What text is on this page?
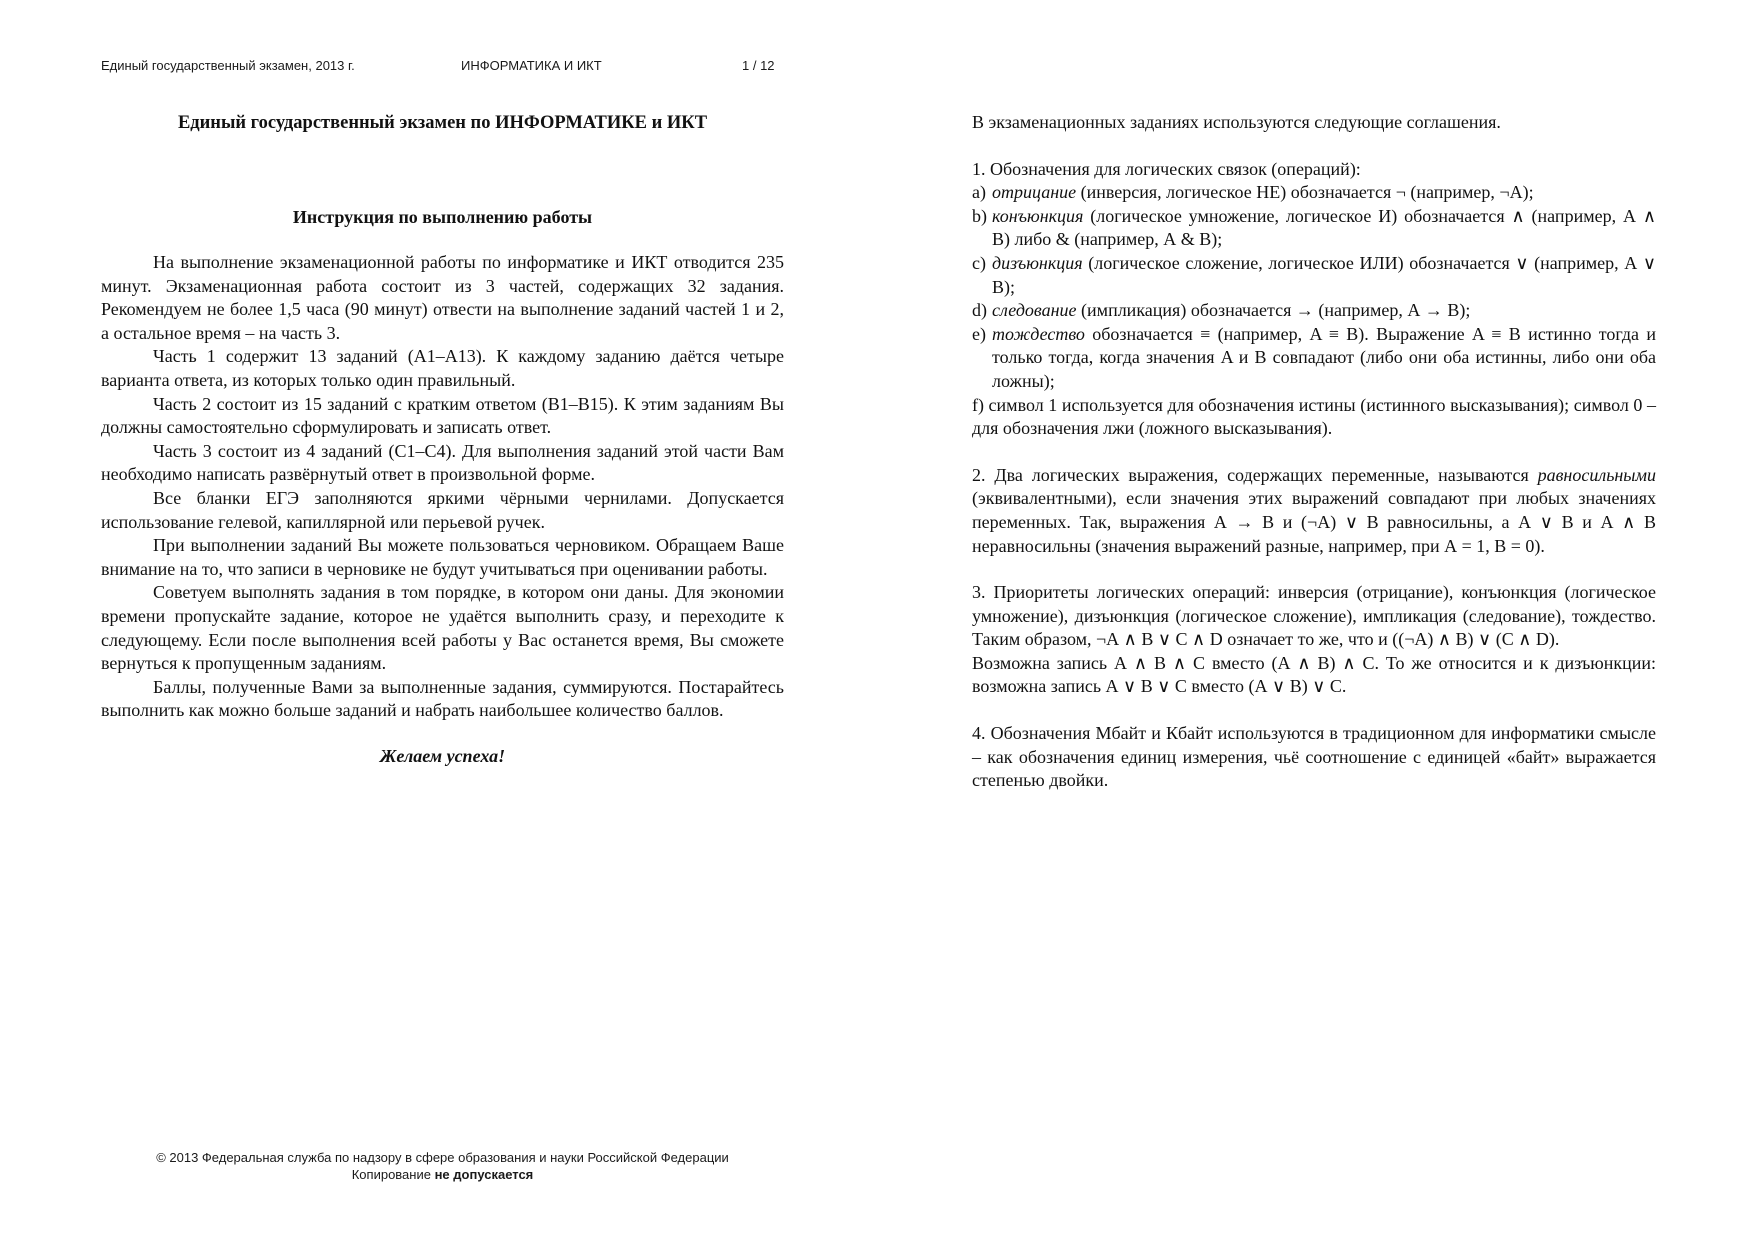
Единый государственный экзамен, 2013 г.	ИНФОРМАТИКА И ИКТ	1 / 12

Единый государственный экзамен по ИНФОРМАТИКЕ и ИКТ

Инструкция по выполнению работы

На выполнение экзаменационной работы по информатике и ИКТ отводится 235 минут. Экзаменационная работа состоит из 3 частей, содержащих 32 задания. Рекомендуем не более 1,5 часа (90 минут) отвести на выполнение заданий частей 1 и 2, а остальное время – на часть 3.

Часть 1 содержит 13 заданий (А1–А13). К каждому заданию даётся четыре варианта ответа, из которых только один правильный.

Часть 2 состоит из 15 заданий с кратким ответом (В1–В15). К этим заданиям Вы должны самостоятельно сформулировать и записать ответ.

Часть 3 состоит из 4 заданий (С1–С4). Для выполнения заданий этой части Вам необходимо написать развёрнутый ответ в произвольной форме.

Все бланки ЕГЭ заполняются яркими чёрными чернилами. Допускается использование гелевой, капиллярной или перьевой ручек.

При выполнении заданий Вы можете пользоваться черновиком. Обращаем Ваше внимание на то, что записи в черновике не будут учитываться при оценивании работы.

Советуем выполнять задания в том порядке, в котором они даны. Для экономии времени пропускайте задание, которое не удаётся выполнить сразу, и переходите к следующему. Если после выполнения всей работы у Вас останется время, Вы сможете вернуться к пропущенным заданиям.

Баллы, полученные Вами за выполненные задания, суммируются. Постарайтесь выполнить как можно больше заданий и набрать наибольшее количество баллов.

Желаем успеха!

В экзаменационных заданиях используются следующие соглашения.

1. Обозначения для логических связок (операций):

a) отрицание (инверсия, логическое НЕ) обозначается ¬ (например, ¬А);
b) конъюнкция (логическое умножение, логическое И) обозначается ∧ (например, А ∧ В) либо & (например, А & В);
c) дизъюнкция (логическое сложение, логическое ИЛИ) обозначается ∨ (например, А ∨ В);
d) следование (импликация) обозначается → (например, А → В);
e) тождество обозначается ≡ (например, A ≡ B). Выражение A ≡ B истинно тогда и только тогда, когда значения A и B совпадают (либо они оба истинны, либо они оба ложны);

f) символ 1 используется для обозначения истины (истинного высказывания); символ 0 – для обозначения лжи (ложного высказывания).

2. Два логических выражения, содержащих переменные, называются равносильными (эквивалентными), если значения этих выражений совпадают при любых значениях переменных. Так, выражения А → В и (¬А) ∨ В равносильны, а А ∨ В и А ∧ В неравносильны (значения выражений разные, например, при А = 1, В = 0).

3. Приоритеты логических операций: инверсия (отрицание), конъюнкция (логическое умножение), дизъюнкция (логическое сложение), импликация (следование), тождество. Таким образом, ¬А ∧ В ∨ С ∧ D означает то же, что и ((¬А) ∧ В) ∨ (С ∧ D).

Возможна запись А ∧ В ∧ С вместо (А ∧ В) ∧ С. То же относится и к дизъюнкции: возможна запись А ∨ В ∨ С вместо (А ∨ В) ∨ С.

4. Обозначения Мбайт и Кбайт используются в традиционном для информатики смысле – как обозначения единиц измерения, чьё соотношение с единицей «байт» выражается степенью двойки.

© 2013 Федеральная служба по надзору в сфере образования и науки Российской Федерации
Копирование не допускается
